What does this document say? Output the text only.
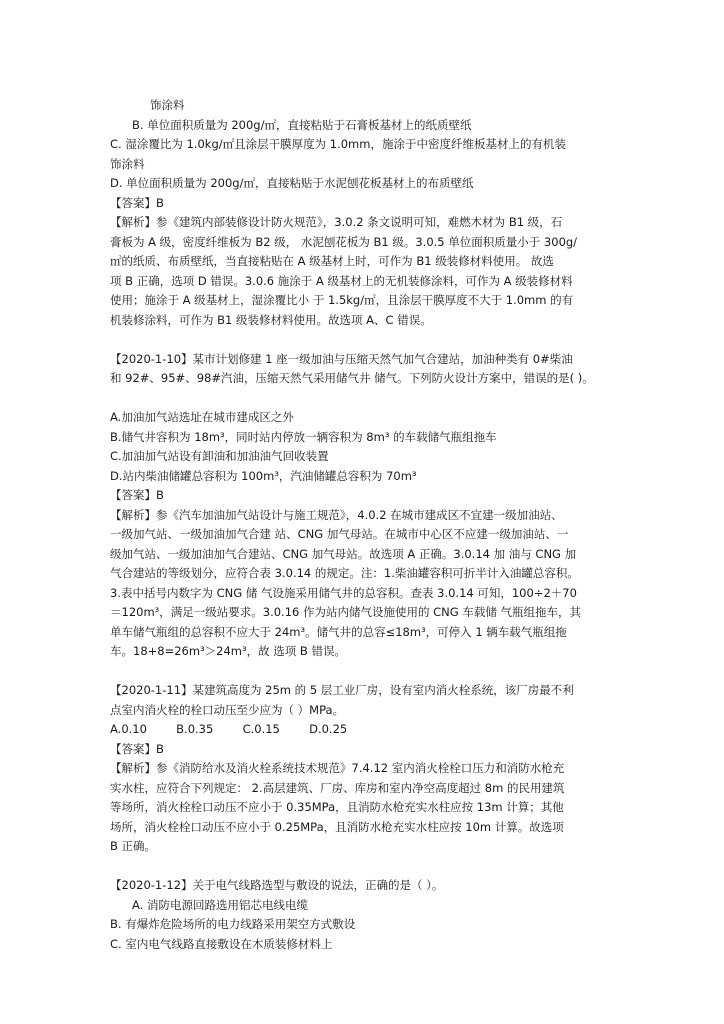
饰涂料
B. 单位面积质量为 200g/㎡，直接粘贴于石膏板基材上的纸质壁纸
C. 湿涂覆比为 1.0kg/㎡且涂层干膜厚度为 1.0mm，施涂于中密度纤维板基材上的有机装
饰涂料
D. 单位面积质量为 200g/㎡，直接粘贴于水泥刨花板基材上的布质壁纸
【答案】B
【解析】参《建筑内部装修设计防火规范》，3.0.2 条文说明可知，难燃木材为 B1 级，石
膏板为 A 级，密度纤维板为 B2 级， 水泥刨花板为 B1 级。3.0.5 单位面积质量小于 300g/
㎡的纸质、布质壁纸，当直接粘贴在 A 级基材上时，可作为 B1 级装修材料使用。 故选
项 B 正确，选项 D 错误。3.0.6 施涂于 A 级基材上的无机装修涂料，可作为 A 级装修材料
使用；施涂于 A 级基材上，湿涂覆比小 于 1.5kg/㎡，且涂层干膜厚度不大于 1.0mm 的有
机装修涂料，可作为 B1 级装修材料使用。故选项 A、C 错误。
【2020-1-10】某市计划修建 1 座一级加油与压缩天然气加气合建站，加油种类有 0#柴油
和 92#、95#、98#汽油，压缩天然气采用储气井 储气。下列防火设计方案中，错误的是( )。
A.加油加气站选址在城市建成区之外
B.储气井容积为 18m³，同时站内停放一辆容积为 8m³ 的车载储气瓶组拖车
C.加油加气站设有卸油和加油油气回收装置
D.站内柴油储罐总容积为 100m³，汽油储罐总容积为 70m³
【答案】B
【解析】参《汽车加油加气站设计与施工规范》，4.0.2 在城市建成区不宜建一级加油站、
一级加气站、一级加油加气合建 站、CNG 加气母站。在城市中心区不应建一级加油站、一
级加气站、一级加油加气合建站、CNG 加气母站。故选项 A 正确。3.0.14 加 油与 CNG 加
气合建站的等级划分，应符合表 3.0.14 的规定。注：1.柴油罐容积可折半计入油罐总容积。
3.表中括号内数字为 CNG 储 气设施采用储气井的总容积。查表 3.0.14 可知，100÷2＋70
＝120m³，满足一级站要求。3.0.16 作为站内储气设施使用的 CNG 车载储 气瓶组拖车，其
单车储气瓶组的总容积不应大于 24m³。储气井的总容≤18m³，可停入 1 辆车载气瓶组拖
车。18+8=26m³＞24m³，故 选项 B 错误。
【2020-1-11】某建筑高度为 25m 的 5 层工业厂房，设有室内消火栓系统，该厂房最不利
点室内消火栓的栓口动压至少应为（ ）MPa。
A.0.10        B.0.35        C.0.15        D.0.25
【答案】B
【解析】参《消防给水及消火栓系统技术规范》7.4.12 室内消火栓栓口压力和消防水枪充
实水柱，应符合下列规定： 2.高层建筑、厂房、库房和室内净空高度超过 8m 的民用建筑
等场所，消火栓栓口动压不应小于 0.35MPa，且消防水枪充实水柱应按 13m 计算；其他
场所，消火栓栓口动压不应小于 0.25MPa，且消防水枪充实水柱应按 10m 计算。故选项
B 正确。
【2020-1-12】关于电气线路选型与敷设的说法，正确的是（ ）。
A. 消防电源回路选用铝芯电线电缆
B. 有爆炸危险场所的电力线路采用架空方式敷设
C. 室内电气线路直接敷设在木质装修材料上
